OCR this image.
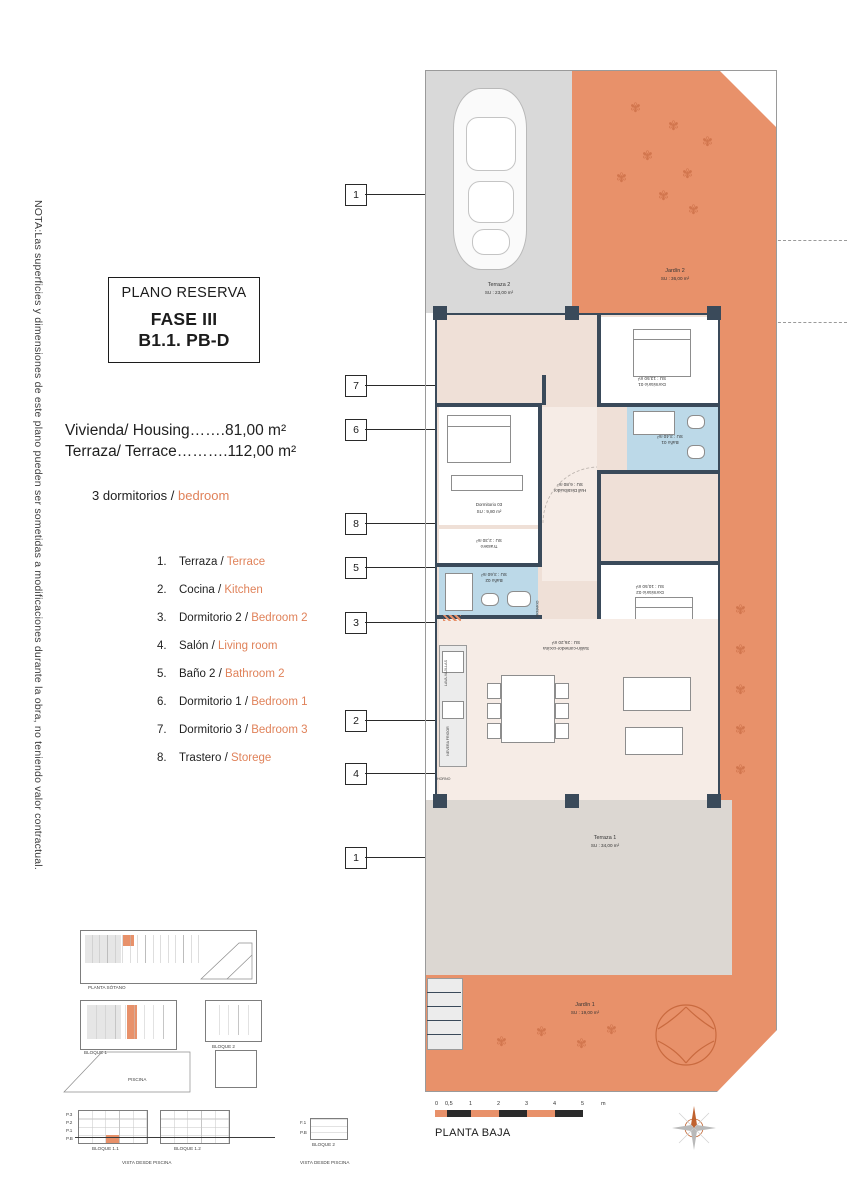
NOTA:Las superficies y dimensiones de este plano pueden ser sometidas a modificaciones durante la obra, no teniendo valor contractual.	PLANO RESERVA
FASE III
B1.1. PB-D
Vivienda/ Housing…….81,00 m²
Terraza/ Terrace……….112,00 m²
3 dormitorios / bedroom
1. Terraza / Terrace
2. Cocina / Kitchen
3. Dormitorio 2 / Bedroom 2
4. Salón / Living room
5. Baño 2 / Bathroom 2
6. Dormitorio 1 / Bedroom 1
7. Dormitorio 3 / Bedroom 3
8. Trastero / Storege
1
7
6
8
5
3
2
4
1
Terraza 2
SU : 23,00 m²
✾
✾
✾
✾
✾
✾
✾
✾
Jardín 2
SU : 36,00 m²
✾
✾
✾
✾
✾
Terraza 1
SU : 34,00 m²
✾
✾
✾
✾
Jardín 1
SU : 19,00 m²
Dormitorio 03
SU : 9,80 m²
Trastero
SU : 2,30 m²
Baño 02
SU : 3,60 m²
Hall Distribuidor
SU : 6,80 m²
Dormitorio 01
SU : 13,50 m²
Baño 01
SU : 3,40 m²
Dormitorio 02
SU : 10,50 m²
Salón-comedor-cocina
SU : 26,20 m²
LAVA-VAJILLAS
NEVERA FRIGOR
HORNO
ARMARIO
0 0,5	1	2	3	4	5	m
PLANTA BAJA
PLANTA SÓTANO
BLOQUE 1
BLOQUE 2
PISCINA
P.3
P.2
P.1
P.B
BLOQUE 1.1	BLOQUE 1.2
VISTA DESDE PISCINA
F.1
P.B
BLOQUE 2
VISTA DESDE PISCINA
